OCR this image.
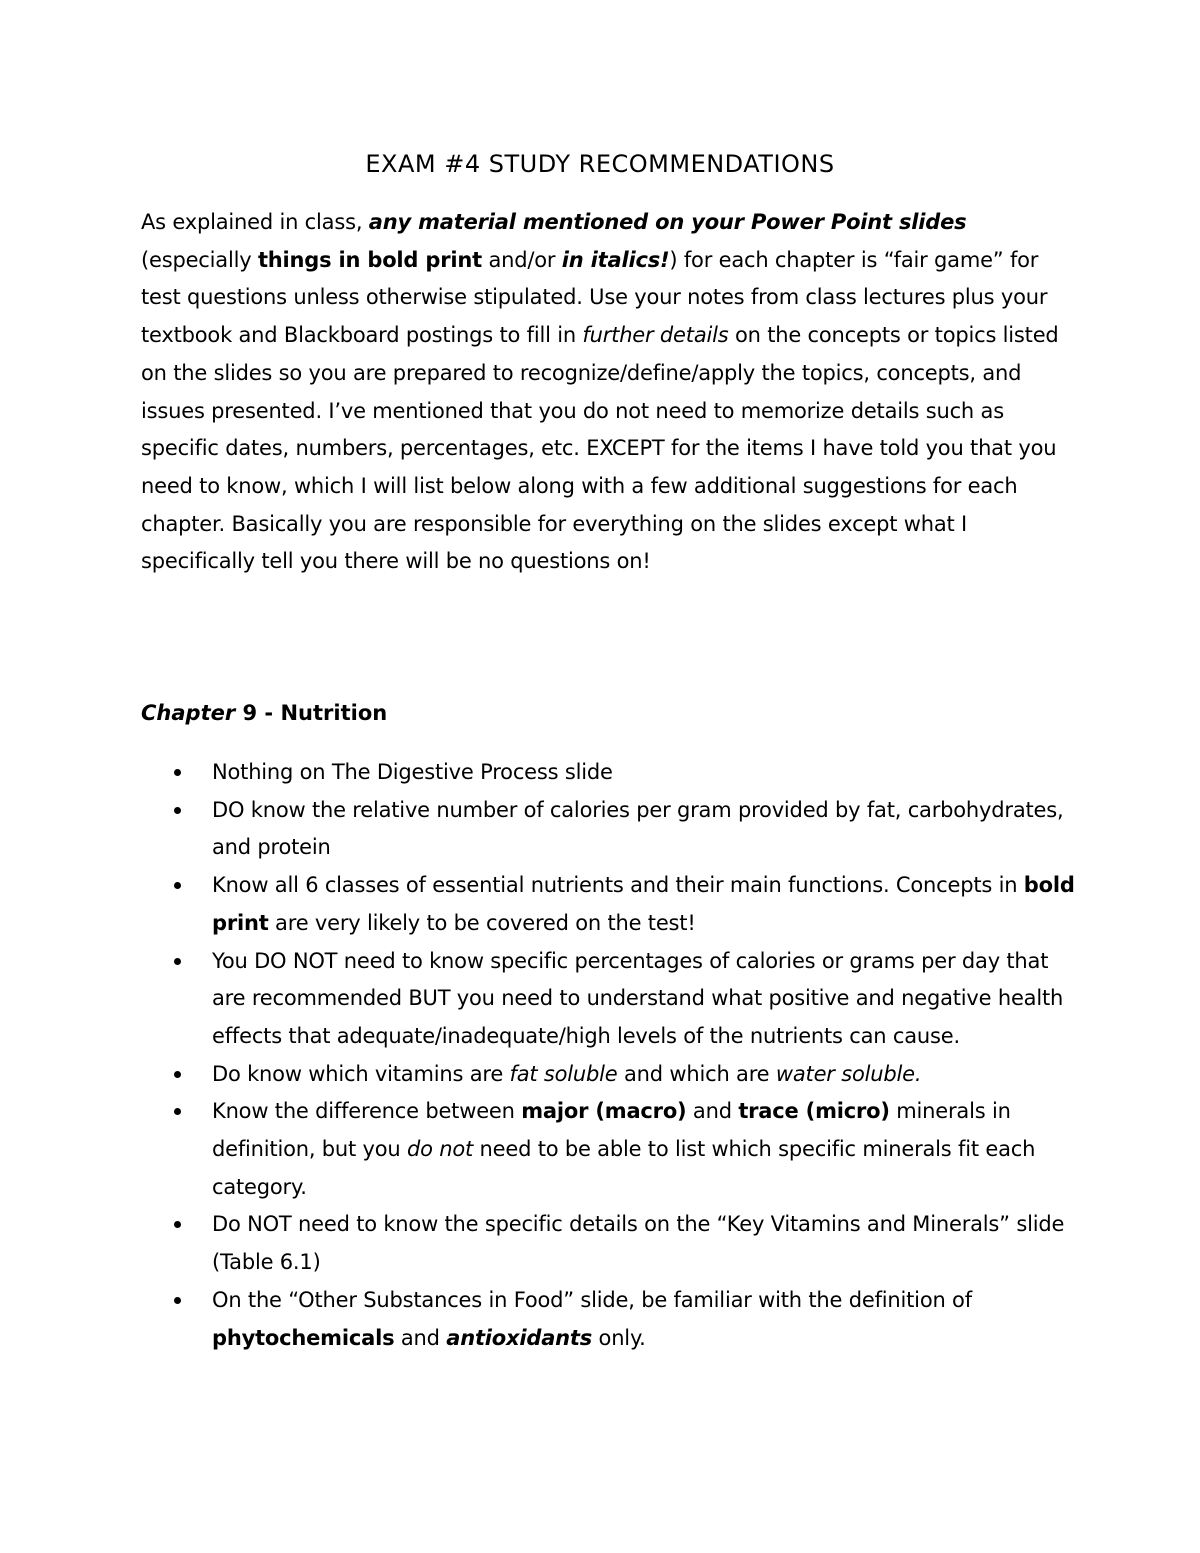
EXAM #4 STUDY RECOMMENDATIONS

As explained in class, any material mentioned on your Power Point slides (especially things in bold print and/or in italics!) for each chapter is “fair game” for test questions unless otherwise stipulated. Use your notes from class lectures plus your textbook and Blackboard postings to fill in further details on the concepts or topics listed on the slides so you are prepared to recognize/define/apply the topics, concepts, and issues presented. I’ve mentioned that you do not need to memorize details such as specific dates, numbers, percentages, etc. EXCEPT for the items I have told you that you need to know, which I will list below along with a few additional suggestions for each chapter. Basically you are responsible for everything on the slides except what I specifically tell you there will be no questions on!

Chapter 9 - Nutrition
Nothing on The Digestive Process slide
DO know the relative number of calories per gram provided by fat, carbohydrates, and protein
Know all 6 classes of essential nutrients and their main functions. Concepts in bold print are very likely to be covered on the test!
You DO NOT need to know specific percentages of calories or grams per day that are recommended BUT you need to understand what positive and negative health effects that adequate/inadequate/high levels of the nutrients can cause.
Do know which vitamins are fat soluble and which are water soluble.
Know the difference between major (macro) and trace (micro) minerals in definition, but you do not need to be able to list which specific minerals fit each category.
Do NOT need to know the specific details on the “Key Vitamins and Minerals” slide (Table 6.1)
On the “Other Substances in Food” slide, be familiar with the definition of phytochemicals and antioxidants only.
